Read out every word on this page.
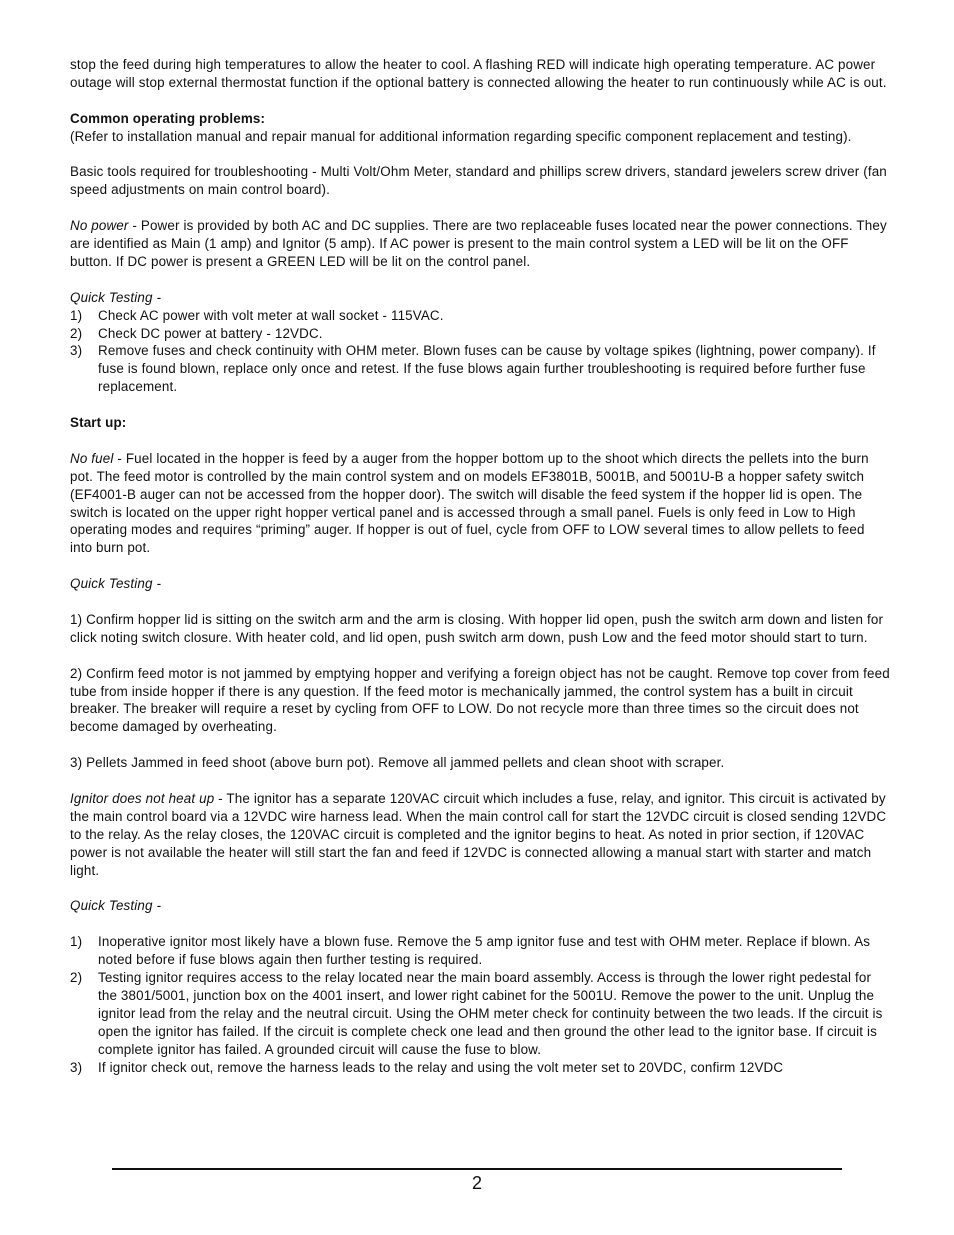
stop the feed during high temperatures to allow the heater to cool. A flashing RED will indicate high operating temperature. AC power outage will stop external thermostat function if the optional battery is connected allowing the heater to run continuously while AC is out.

Common operating problems:

(Refer to installation manual and repair manual for additional information regarding specific component replacement and testing).

Basic tools required for troubleshooting - Multi Volt/Ohm Meter, standard and phillips screw drivers, standard jewelers screw driver (fan speed adjustments on main control board).

No power - Power is provided by both AC and DC supplies. There are two replaceable fuses located near the power connections. They are identified as Main (1 amp) and Ignitor (5 amp). If AC power is present to the main control system a LED will be lit on the OFF button. If DC power is present a GREEN LED will be lit on the control panel.

Quick Testing -

1) Check AC power with volt meter at wall socket - 115VAC.
2) Check DC power at battery - 12VDC.
3) Remove fuses and check continuity with OHM meter. Blown fuses can be cause by voltage spikes (lightning, power company). If fuse is found blown, replace only once and retest. If the fuse blows again further troubleshooting is required before further fuse replacement.

Start up:

No fuel - Fuel located in the hopper is feed by a auger from the hopper bottom up to the shoot which directs the pellets into the burn pot. The feed motor is controlled by the main control system and on models EF3801B, 5001B, and 5001U-B a hopper safety switch (EF4001-B auger can not be accessed from the hopper door). The switch will disable the feed system if the hopper lid is open. The switch is located on the upper right hopper vertical panel and is accessed through a small panel. Fuels is only feed in Low to High operating modes and requires “priming” auger. If hopper is out of fuel, cycle from OFF to LOW several times to allow pellets to feed into burn pot.

Quick Testing -

1) Confirm hopper lid is sitting on the switch arm and the arm is closing. With hopper lid open, push the switch arm down and listen for click noting switch closure. With heater cold, and lid open, push switch arm down, push Low and the feed motor should start to turn.

2) Confirm feed motor is not jammed by emptying hopper and verifying a foreign object has not be caught. Remove top cover from feed tube from inside hopper if there is any question. If the feed motor is mechanically jammed, the control system has a built in circuit breaker. The breaker will require a reset by cycling from OFF to LOW. Do not recycle more than three times so the circuit does not become damaged by overheating.

3) Pellets Jammed in feed shoot (above burn pot). Remove all jammed pellets and clean shoot with scraper.

Ignitor does not heat up - The ignitor has a separate 120VAC circuit which includes a fuse, relay, and ignitor. This circuit is activated by the main control board via a 12VDC wire harness lead. When the main control call for start the 12VDC circuit is closed sending 12VDC to the relay. As the relay closes, the 120VAC circuit is completed and the ignitor begins to heat. As noted in prior section, if 120VAC power is not available the heater will still start the fan and feed if 12VDC is connected allowing a manual start with starter and match light.

Quick Testing -

1) Inoperative ignitor most likely have a blown fuse. Remove the 5 amp ignitor fuse and test with OHM meter. Replace if blown. As noted before if fuse blows again then further testing is required.
2) Testing ignitor requires access to the relay located near the main board assembly. Access is through the lower right pedestal for the 3801/5001, junction box on the 4001 insert, and lower right cabinet for the 5001U. Remove the power to the unit. Unplug the ignitor lead from the relay and the neutral circuit. Using the OHM meter check for continuity between the two leads. If the circuit is open the ignitor has failed. If the circuit is complete check one lead and then ground the other lead to the ignitor base. If circuit is complete ignitor has failed. A grounded circuit will cause the fuse to blow.
3) If ignitor check out, remove the harness leads to the relay and using the volt meter set to 20VDC, confirm 12VDC
2
